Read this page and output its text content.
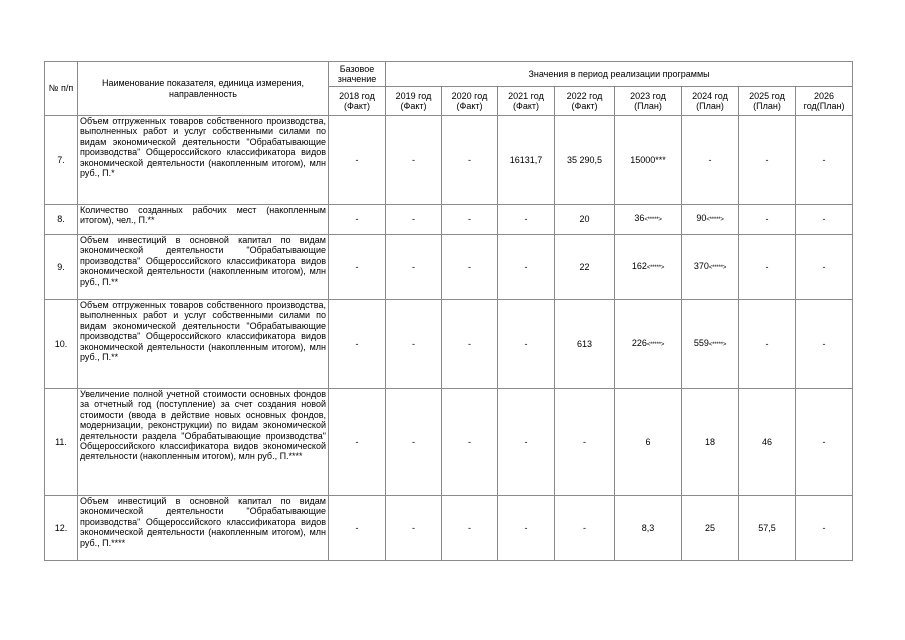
№ п/п	Наименование показателя, единица измерения, направленность	Базовое значение	Значения в период реализации программы							
		2018 год (Факт)	2019 год (Факт)	2020 год (Факт)	2021 год (Факт)	2022 год (Факт)	2023 год (План)	2024 год (План)	2025 год (План)	2026 год(План)
7.	Объем отгруженных товаров собственного производства, выполненных работ и услуг собственными силами по видам экономической деятельности "Обрабатывающие производства" Общероссийского классификатора видов экономической деятельности (накопленным итогом), млн руб., П.*	-	-	-	16131,7	35 290,5	15000***	-	-	-
8.	Количество созданных рабочих мест (накопленным итогом), чел., П.**	-	-	-	-	20	36<*****>	90<*****>	-	-
9.	Объем инвестиций в основной капитал по видам экономической деятельности "Обрабатывающие производства" Общероссийского классификатора видов экономической деятельности (накопленным итогом), млн руб., П.**	-	-	-	-	22	162<*****>	370<*****>	-	-
10.	Объем отгруженных товаров собственного производства, выполненных работ и услуг собственными силами по видам экономической деятельности "Обрабатывающие производства" Общероссийского классификатора видов экономической деятельности (накопленным итогом), млн руб., П.**	-	-	-	-	613	226<*****>	559<*****>	-	-
11.	Увеличение полной учетной стоимости основных фондов за отчетный год (поступление) за счет создания новой стоимости (ввода в действие новых основных фондов, модернизации, реконструкции) по видам экономической деятельности раздела "Обрабатывающие производства" Общероссийского классификатора видов экономической деятельности (накопленным итогом), млн руб., П.****	-	-	-	-	-	6	18	46	-
12.	Объем инвестиций в основной капитал по видам экономической деятельности "Обрабатывающие производства" Общероссийского классификатора видов экономической деятельности (накопленным итогом), млн руб., П.****	-	-	-	-	-	8,3	25	57,5	-
